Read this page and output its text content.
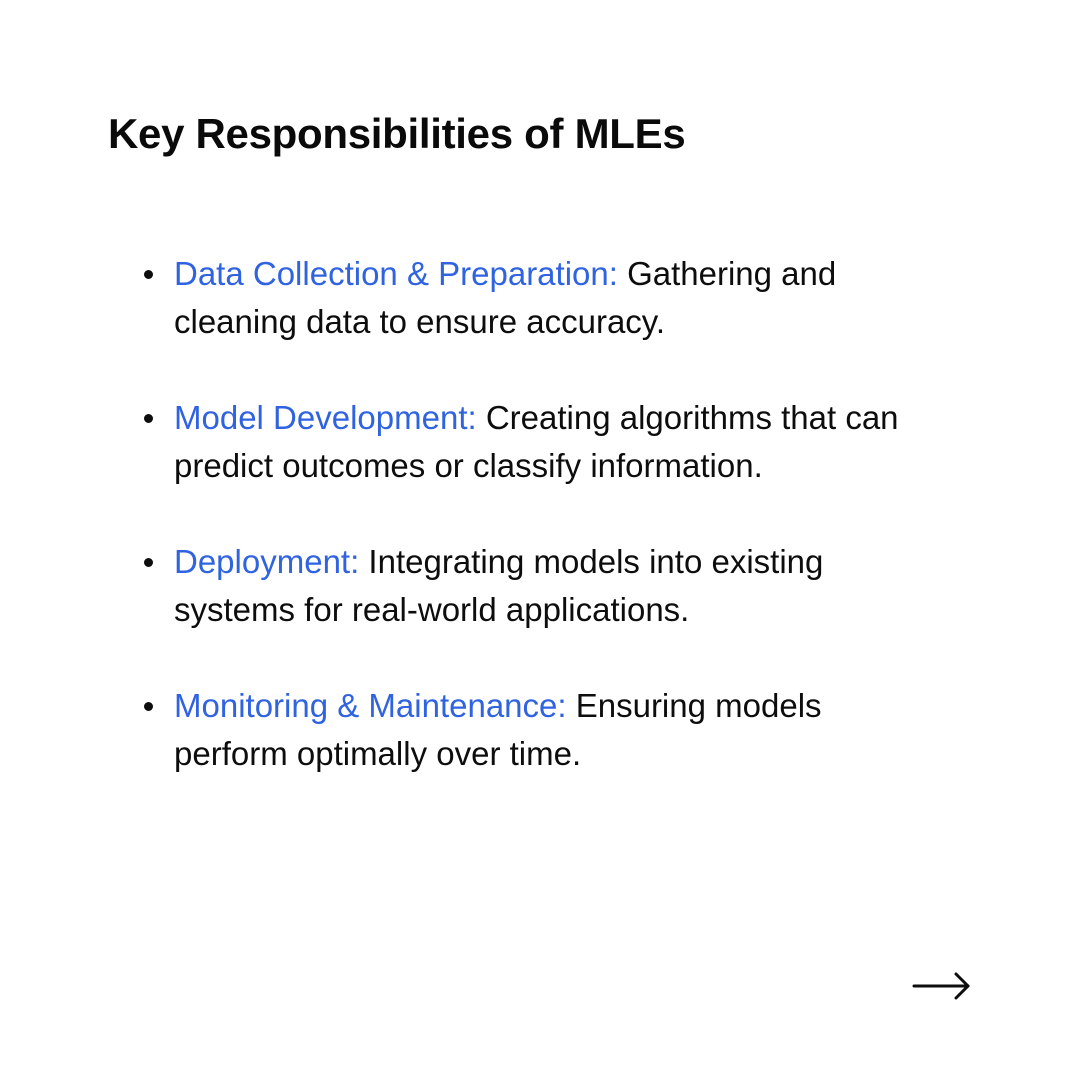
Key Responsibilities of MLEs
Data Collection & Preparation: Gathering and cleaning data to ensure accuracy.
Model Development: Creating algorithms that can predict outcomes or classify information.
Deployment: Integrating models into existing systems for real-world applications.
Monitoring & Maintenance: Ensuring models perform optimally over time.
